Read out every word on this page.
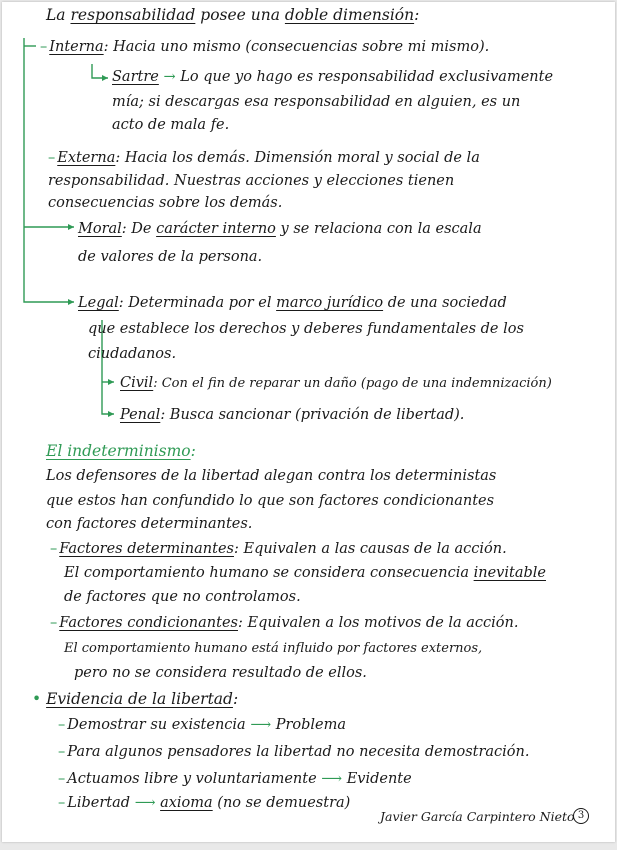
La responsabilidad posee una doble dimensión:
– Interna: Hacia uno mismo (consecuencias sobre mi mismo).
Sartre → Lo que yo hago es responsabilidad exclusivamente
mía; si descargas esa responsabilidad en alguien, es un
acto de mala fe.
– Externa: Hacia los demás. Dimensión moral y social de la
responsabilidad. Nuestras acciones y elecciones tienen
consecuencias sobre los demás.
Moral: De carácter interno y se relaciona con la escala
de valores de la persona.
Legal: Determinada por el marco jurídico de una sociedad
que establece los derechos y deberes fundamentales de los
ciudadanos.
Civil: Con el fin de reparar un daño (pago de una indemnización)
Penal: Busca sancionar (privación de libertad).
El indeterminismo:
Los defensores de la libertad alegan contra los deterministas
que estos han confundido lo que son factores condicionantes
con factores determinantes.
– Factores determinantes: Equivalen a las causas de la acción.
El comportamiento humano se considera consecuencia inevitable
de factores que no controlamos.
– Factores condicionantes: Equivalen a los motivos de la acción.
El comportamiento humano está influido por factores externos,
pero no se considera resultado de ellos.
• Evidencia de la libertad:
– Demostrar su existencia ⟶ Problema
– Para algunos pensadores la libertad no necesita demostración.
– Actuamos libre y voluntariamente ⟶ Evidente
– Libertad ⟶ axioma (no se demuestra)
Javier García Carpintero Nieto 3
